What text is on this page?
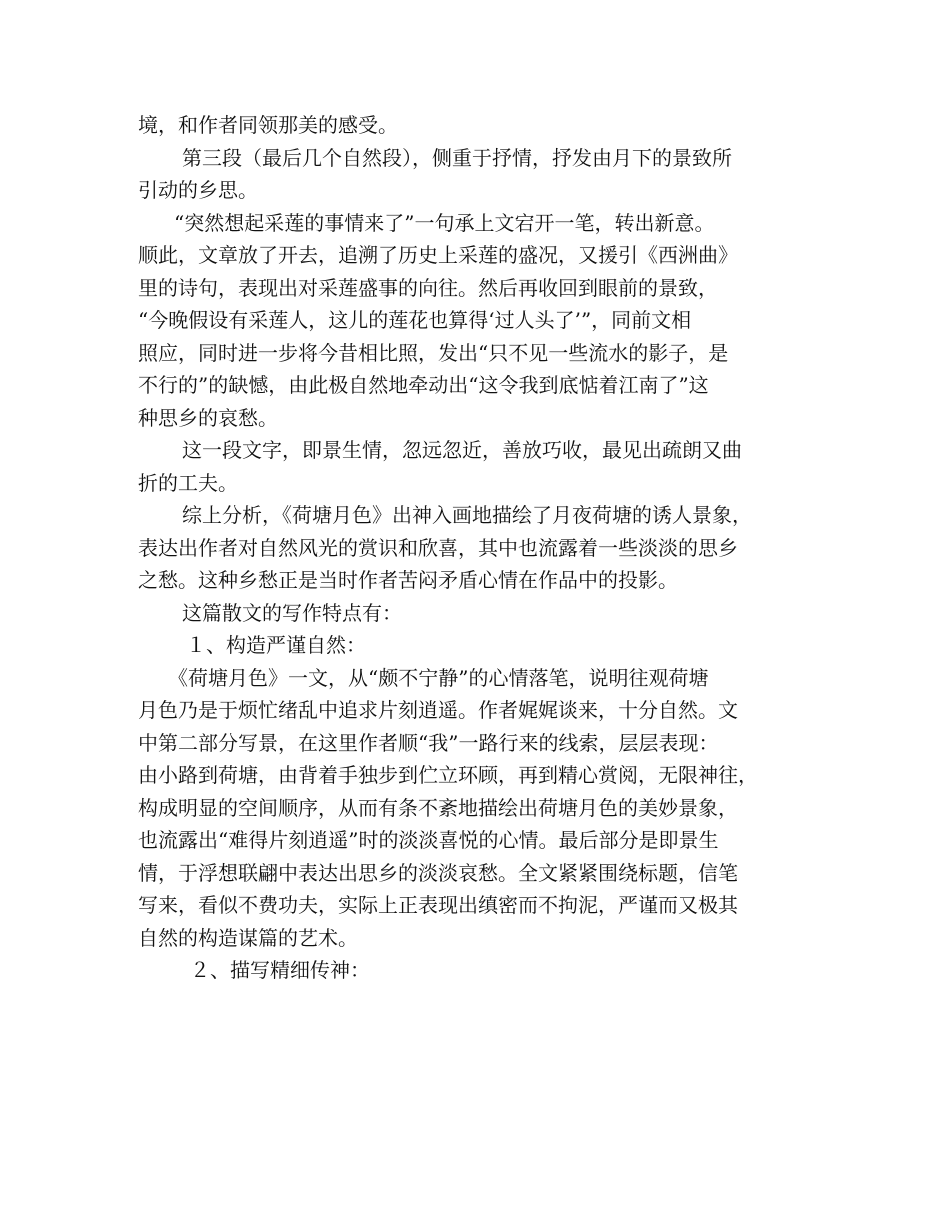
境，和作者同领那美的感受。
第三段（最后几个自然段），侧重于抒情，抒发由月下的景致所
引动的乡思。
“突然想起采莲的事情来了”一句承上文宕开一笔，转出新意。
顺此，文章放了开去，追溯了历史上采莲的盛况，又援引《西洲曲》
里的诗句，表现出对采莲盛事的向往。然后再收回到眼前的景致，
“今晚假设有采莲人，这儿的莲花也算得‘过人头了’”，同前文相
照应，同时进一步将今昔相比照，发出“只不见一些流水的影子，是
不行的”的缺憾，由此极自然地牵动出“这令我到底惦着江南了”这
种思乡的哀愁。
这一段文字，即景生情，忽远忽近，善放巧收，最见出疏朗又曲
折的工夫。
综上分析，《荷塘月色》出神入画地描绘了月夜荷塘的诱人景象，
表达出作者对自然风光的赏识和欣喜，其中也流露着一些淡淡的思乡
之愁。这种乡愁正是当时作者苦闷矛盾心情在作品中的投影。
这篇散文的写作特点有：
１、构造严谨自然：
《荷塘月色》一文，从“颇不宁静”的心情落笔，说明往观荷塘
月色乃是于烦忙绪乱中追求片刻逍遥。作者娓娓谈来，十分自然。文
中第二部分写景，在这里作者顺“我”一路行来的线索，层层表现：
由小路到荷塘，由背着手独步到伫立环顾，再到精心赏阅，无限神往，
构成明显的空间顺序，从而有条不紊地描绘出荷塘月色的美妙景象，
也流露出“难得片刻逍遥”时的淡淡喜悦的心情。最后部分是即景生
情，于浮想联翩中表达出思乡的淡淡哀愁。全文紧紧围绕标题，信笔
写来，看似不费功夫，实际上正表现出缜密而不拘泥，严谨而又极其
自然的构造谋篇的艺术。
２、描写精细传神：
